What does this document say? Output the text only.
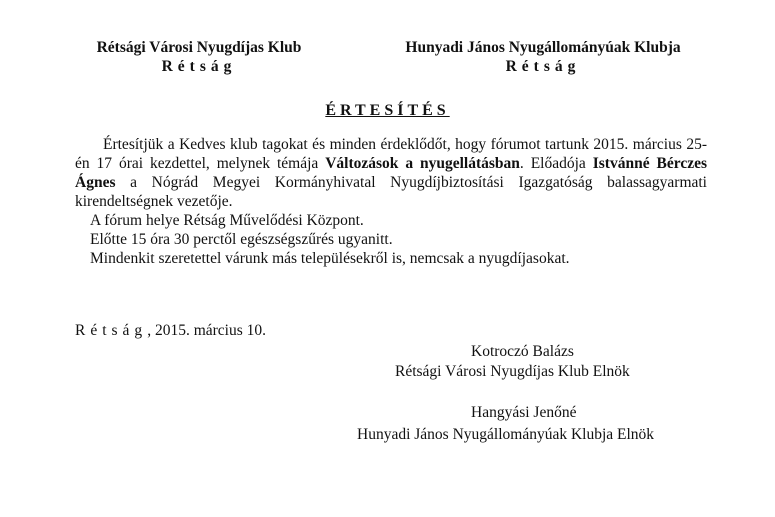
Rétsági Városi Nyugdíjas Klub
Rétság
Hunyadi János Nyugállományúak Klubja
Rétság
ÉRTESÍTÉS

Értesítjük a Kedves klub tagokat és minden érdeklődőt, hogy fórumot tartunk 2015. március 25-én 17 órai kezdettel, melynek témája Változások a nyugellátásban. Előadója Istvánné Bérczes Ágnes a Nógrád Megyei Kormányhivatal Nyugdíjbiztosítási Igazgatóság balassagyarmati kirendeltségnek vezetője.

A fórum helye Rétság Művelődési Központ.

Előtte 15 óra 30 perctől egészségszűrés ugyanitt.

Mindenkit szeretettel várunk más településekről is, nemcsak a nyugdíjasokat.

Rétság, 2015. március 10.
Kotroczó Balázs
Rétsági Városi Nyugdíjas Klub Elnök
Hangyási Jenőné
Hunyadi János Nyugállományúak Klubja Elnök
